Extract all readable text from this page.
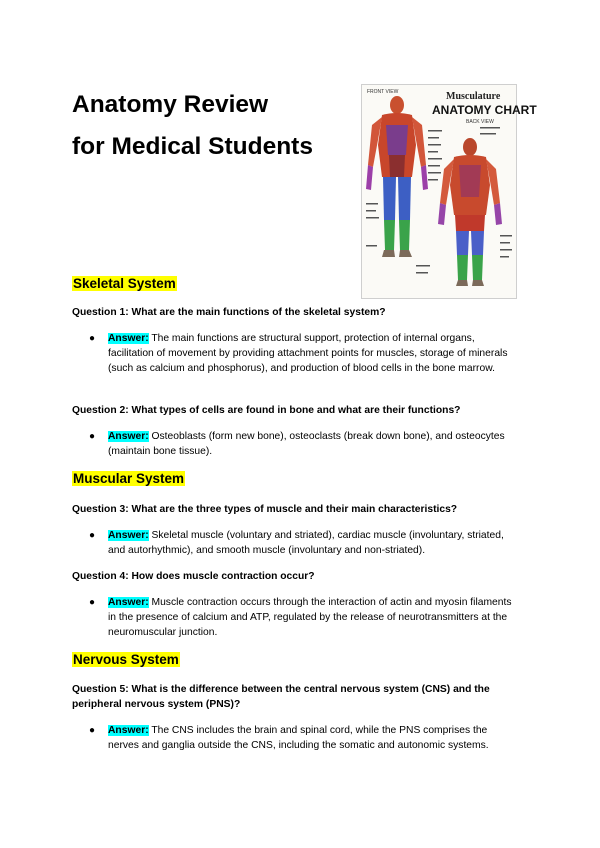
Anatomy Review
for Medical Students
FRONT VIEW	Musculature
ANATOMY CHART
BACK VIEW
Skeletal System

Question 1: What are the main functions of the skeletal system?

● Answer: The main functions are structural support, protection of internal organs, facilitation of movement by providing attachment points for muscles, storage of minerals (such as calcium and phosphorus), and production of blood cells in the bone marrow.

Question 2: What types of cells are found in bone and what are their functions?

● Answer: Osteoblasts (form new bone), osteoclasts (break down bone), and osteocytes (maintain bone tissue).
Muscular System

Question 3: What are the three types of muscle and their main characteristics?

● Answer: Skeletal muscle (voluntary and striated), cardiac muscle (involuntary, striated, and autorhythmic), and smooth muscle (involuntary and non-striated).

Question 4: How does muscle contraction occur?

● Answer: Muscle contraction occurs through the interaction of actin and myosin filaments in the presence of calcium and ATP, regulated by the release of neurotransmitters at the neuromuscular junction.
Nervous System

Question 5: What is the difference between the central nervous system (CNS) and the peripheral nervous system (PNS)?

● Answer: The CNS includes the brain and spinal cord, while the PNS comprises the nerves and ganglia outside the CNS, including the somatic and autonomic systems.
